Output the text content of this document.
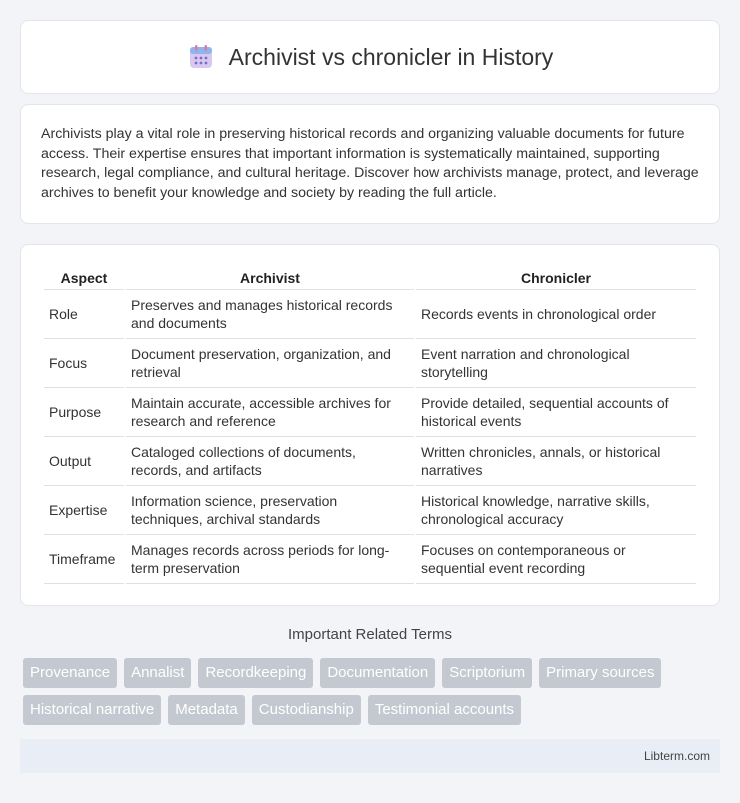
Archivist vs chronicler in History

Archivists play a vital role in preserving historical records and organizing valuable documents for future access. Their expertise ensures that important information is systematically maintained, supporting research, legal compliance, and cultural heritage. Discover how archivists manage, protect, and leverage archives to benefit your knowledge and society by reading the full article.

Aspect	Archivist	Chronicler
Role	Preserves and manages historical records and documents	Records events in chronological order
Focus	Document preservation, organization, and retrieval	Event narration and chronological storytelling
Purpose	Maintain accurate, accessible archives for research and reference	Provide detailed, sequential accounts of historical events
Output	Cataloged collections of documents, records, and artifacts	Written chronicles, annals, or historical narratives
Expertise	Information science, preservation techniques, archival standards	Historical knowledge, narrative skills, chronological accuracy
Timeframe	Manages records across periods for long-term preservation	Focuses on contemporaneous or sequential event recording
Important Related Terms
Provenance	Annalist	Recordkeeping	Documentation	Scriptorium	Primary sources
Historical narrative	Metadata	Custodianship	Testimonial accounts
Libterm.com
